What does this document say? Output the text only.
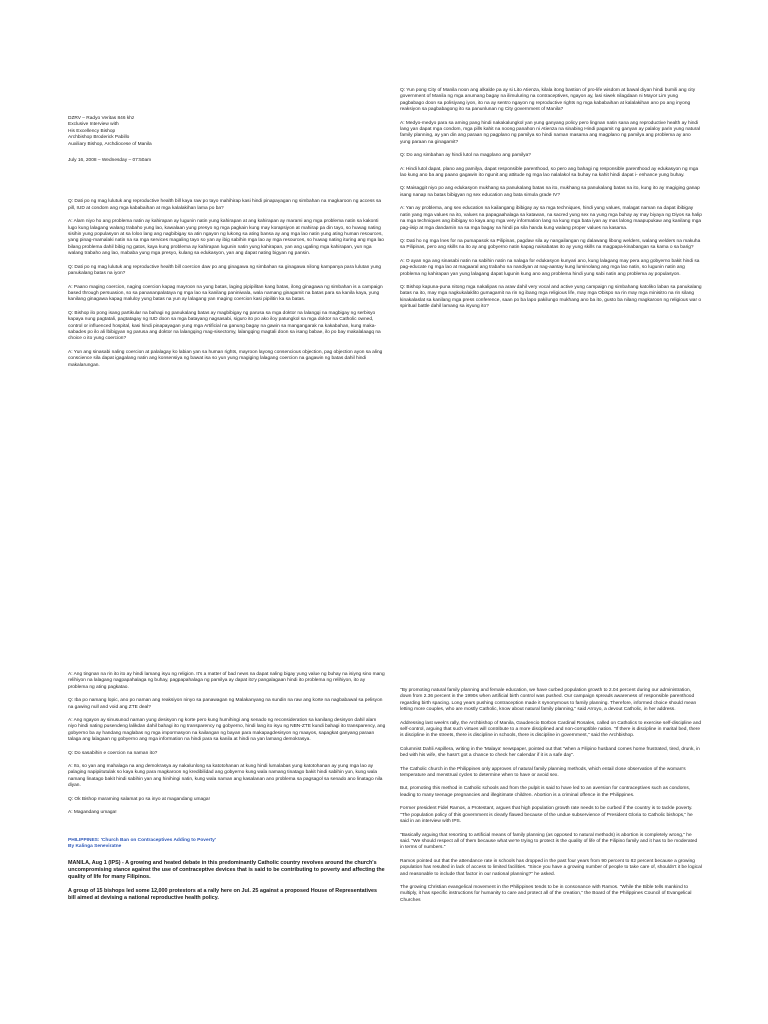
DZRV – Radyo Veritas 846 khz
Exclusive Interview with
His Excellency Bishop
Archbishop Broderick Pabillo
Auxiliary Bishop, Archdiocese of Manila
July 16, 2008 – Wednesday – 07:50am

Q: Dati po ng mag lulutuk ang reproductive health bill kaya raw po tayo mahihirap kasi hindi pinapayagan ng simbahan na magkaroon ng access sa pill, IUD at condom ang mga kababaihan at mga kalalakihan lama po ba?

A: Alam niyo ho ang problema natin ay kahirapan ay lugunin natin yung kahirapan at ang kahirapan ay marami ang mga problema natin sa kakonti lugo kung lalagang walang trabaho yung lao, kawalaan yung presyo ng mga pagkain kung may korapsiyon at mahirap pa din tayo, so huwag nating sisihin yung populasyon at sa loloo lang ang nagbibigay sa atin ngayon ng lukong sa ating bansa ay ang mga lao natin yung ating human resources, yang pinag-mamalaki natin na sa mga services magaling tayo so yan ay ibig sabihin mga lao ay mga resources, so huwag nating ituring ang mga lao bilang problema dahil bibig ng gatos, kaya kung problema ay kahirapan lugunin natin yung kahirapan, yan ang ugaling mga kahirapan, yun nga walang trabaho ang lao, mababa yung mga presyo, kulang sa edukasyon, yan ang dapat nating bigyan ng pansin.

Q: Dati po ng mag lulutuk ang reproductive health bill coercion daw po ang ginagawa ng simbahan sa ginagawa nilong kampanya para lulutan yung panukalang batas na iyon?

A: Paano maging coercion, naging coercion kapag mayroon na yung batas, laging pipipilitan kang batas, ilong ginagawa ng simbahan is a campaign based through persuasion, so sa panananpalataya ng mga lao sa kanilang paniniwala, wala namang ginagamit na batas para sa kanila kaya, yung kanilang ginagawa kapag maluloy yung batas na yun ay lalagang yan maging coercion kasi pipilitin ka sa batas.

Q: Bishop ilo pong isang partikular na bahagi ng panukalang batas ay magbibigay ng parusa sa mga doktor na lalangqi na magbigay ng serbisyo kapaya nung pagtatali, pagtatagay ng IUD doon sa mga batayang nagsasabi, siguro ito po ako iloy patungkol sa mga doktor na Catholic owned, control or influenced hospital, kasi hindi pinapayagan yung mga Artificial na ganung bagay na gawin sa mangangarak na kakabahan, kung maka-sabades po ilo ali lbibigyan ng parusa ang doktor na lalangqing mag-sisectomy, lalangqing magtali doon sa isang babae, ilo po bay makalalaagq na choice o ito yung coercion?

A: Yun ang sinasabi naling coercion at palalagay ko labian yan sa human rights, mayroon layong consencious objection, pag objection ayon sa aling conscience sila dapat igagalang natin ang konsensiya ng bawat isa so yun yung magiging lalagang coercion na gagawin ng batas dahil hindi makalarungan.

Q: Yun pong City of Manila noon ang alkalde pa ay si Lito Atienza, kilala itong bastion of pro-life wisdom at bawal diyan hindi bumili ang city government of Manila ng mga anumang bagay na ilimuluring na contraceptives, ngayon ay, lasi siwek nilagdaan ni Mayor Lim yung pagbabago doon sa polisiyang iyon, ito na ay sentro ngayon ng reproductive rights ng mga kababaihan at kalalakihan ano po ang inyong reaksiyon sa pagbabagong ito sa panunlunan ng City government of Manila?

A: Medyo-medyo para sa aming pang hindi nakakalungkol yan yung ganyang policy pero lingnan natin sana ang reproductive health ay hindi lang yan dapat mga condom, mga pills kahit na noong panahon ni Atienza na sinabing Hindi pagamit ng ganyan ay palaloy parin yung natural family planning, ay yan din ang paraan ng pagplano ng pamilya so hindi naman masama ang magplano ng pamilya ang problema ay ano yung paraan na ginagamit?

Q: Do ang simbahan ay hindi lutol na magplano ang pamilya?

A: Hindi lutol dapat, plano ang pamilya, dapat responsible parenthood, so pero ang bahagi ng responsible parenthood ay edukasyon ng mga lao kung ano ba ang paano gagawin ito ngunit ang attitude ng mga lao nalalakol sa buhay na kahit hindi dapat i- enhance yung buhay.

Q: Maisaggit niyo po ang edukasyon mukhang sa panukalang batas na ito, mukhang sa panukalang batas na ito, kung ito ay magiging ganap isang nanap na batas bibigyan ng sex education ang bata simula grade IV?

A: Yan ay problema, ang sex education na kailangang ibibigay ay sa mga techniques, hindi yung values, malagat naman na dapat ibibigay natin yang mga values na ito, values na papagaahalaga sa katawan, na sacred yung sex na yung mga buhay ay may biyaya ng Diyos sa halip na mga techniques ang ibibigay so kaya ang mga very information lang na kung mga bata iyan ay mas lalong maapupukaw ang kanilang mga pag-iisip at mga dandamin na sa mga bagay na hindi pa sila handa kung walang proper values na kasama.

Q: Dati ho ng mga lnes for na pumapasok sa Pilipinas, pagdaw sila ay nangailangan ng dalawang libong welders, walang welders na makuha sa Pilipinas, pero ang skills na ito ay ang gobyerno natin kapag naisabatas ito ay yung skills na magpapa-kinabangan sa kama o sa barig?

A: O ayan nga ang sinasabi natin na sabihin natin na nalaga for edukasyon kunyari ano, kung lalagang may pera ang gobyerno bakit hindi sa pag-educate ng mga lao at magaaral ang trabaho na nandiyan at nag-aantay kung luminolang ang mga lao natin, so lugunin natin ang problema ng kahirapan yan yung lalagang dapat lugunin kung ano ang problema hindi yung sabi natin ang problema ay populasyon.

Q: Bishop kapuna-puna nitong mga nakalipas na araw dahil very vocal and active yung campaign ng simbahang katoliko laban sa panukalang batas na ito, may mga nagkukalaklito gumagamit na rin ng ibang mga religious life, may mga Obispo na rin may mga minisitro na rin silang kinakalaslat sa kanilang mga press conference, saan po ba lapo pakilungo mukhang ano ba ito, gusto ba nilang magkaroon ng religious war o spiritual battle dahil lamang sa isyung ito?

A: Ang tingnan na rin ito ito ay hindi lamang isyu ng religion. It's a matter of bad news na dapat naling bigay yung value ng buhay na isiyng sino mang relihiyon na lalagang nagpapahalaga ng buhay, pagpapahalaga ng pamilya ay dapat ito'y pangalagaan hindi ito problema ng relihiyon, ito ay problema ng ating pagkatao.

Q: Iba po namang lopic, ano po naman ang reaksiyon ninyo sa panawagan ng Malakanyang na sundin na raw ang korte na nagbabawal sa pelisyon na gawing null and void ang ZTE deal?

A: Ang ngayon ay sinusunod naman yung desisyon ng korte pero kung humihingi ang senado ng reconsideration sa kanilang desisyon dahil alam niyo hindi nating pusendeng lalikdan dahil bahagi ito ng transparency ng gobyerno, hindi lang ito isyu ng NBN-ZTE kundi bahagi ito transparency, ang gobyerno ba ay handang maglabas ng mga impormasyon na kailangan ng bayan para makapagdesisyon ng maayos, sapagkat ganyang paraan talaga ang lalagaan ng gobyerno ang mga information na hindi para sa kanila at hindi na yan lamang demokrasya.

Q: Do sasabihin e coercion na naman ito?

A: Ito, so yan ang mahalaga na ang demokrasya ay nakalunlong sa katotohanan at kung hindi lumalabas yung katotohanan ay yung mga lao ay palaging napipiitutulak so kaya kung para magkaroon ng kredibilidad ang gobyerno kung wala namang tinatago bakit hindi sabihin yun, kung wala namang linatago bakit hindi sabihin yan ang hinihingi natin, kung wala naman ang kasalanan ano problema sa pagsagol sa senado ano linatago nila diyan.

Q: Ok Bishop maraming salamat po sa inyo at magandang umaga!

A: Magandang umaga!

PHILIPPINES: 'Church Ban on Contraceptives Adding to Poverty'
By Kalinga Seneviratne

MANILA, Aug 1 (IPS) - A growing and heated debate in this predominantly Catholic country revolves around the church's uncompromising stance against the use of contraceptive devices that is said to be contributing to poverty and affecting the quality of life for many Filipinos.

A group of 15 bishops led some 12,000 protestors at a rally here on Jul. 25 against a proposed House of Representatives bill aimed at devising a national reproductive health policy.

"By promoting natural family planning and female education, we have curbed population growth to 2.04 percent during our administration, down from 2.36 percent in the 1990s when artificial birth control was pushed. Our campaign spreads awareness of responsible parenthood regarding birth spacing. Long years pushing contraception made it synonymous to family planning. Therefore, informed choice should mean letting more couples, who are mostly Catholic, know about natural family planning," said Arroyo, a devout Catholic, in her address.

Addressing last week's rally, the Archbishop of Manila, Gaudencio Borbon Cardinal Rosales, called on Catholics to exercise self-discipline and self-control, arguing that such virtues will contribute to a more disciplined and non-corruptible nation. "If there is discipline in marital bed, there is discipline in the streets, there is discipline in schools, there is discipline in government," said the Archbishop.

Columnist Dahli Aspillera, writing in the 'Malaya' newspaper, pointed out that "when a Filipino husband comes home frustrated, tired, drunk, in bed with his wife, she hasn't got a chance to check her calendar if it is a safe day".

The Catholic church in the Philippines only approves of natural family planning methods, which entail close observation of the woman's temperature and menstrual cycles to determine when to have or avoid sex.

But, promoting this method in Catholic schools and from the pulpit is said to have led to an aversion for contraceptives such as condoms, leading to many teenage pregnancies and illegitimate children. Abortion is a criminal offence in the Philippines.

Former president Fidel Ramos, a Protestant, argues that high population growth rate needs to be curbed if the country is to tackle poverty. "The population policy of this government is clearly flawed because of the undue subservience of President Gloria to Catholic bishops," he said in an interview with IPS.

"Basically arguing that resorting to artificial means of family planning (as opposed to natural methods) is abortion is completely wrong," he said. "We should respect all of them because what we're trying to protect is the quality of life of the Filipino family and it has to be moderated in terms of numbers."

Ramos pointed out that the attendance rate in schools has dropped in the past four years from 90 percent to 82 percent because a growing population has resulted in lack of access to limited facilities. "Since you have a growing number of people to take care of, shouldn't it be logical and reasonable to include that factor in our national planning?" he asked.

The growing Christian evangelical movement in the Philippines tends to be in consonance with Ramos. "While the Bible tells mankind to multiply, it has specific instructions for humanity to care and protect all of the creation," the Board of the Philippines Council of Evangelical Churches
